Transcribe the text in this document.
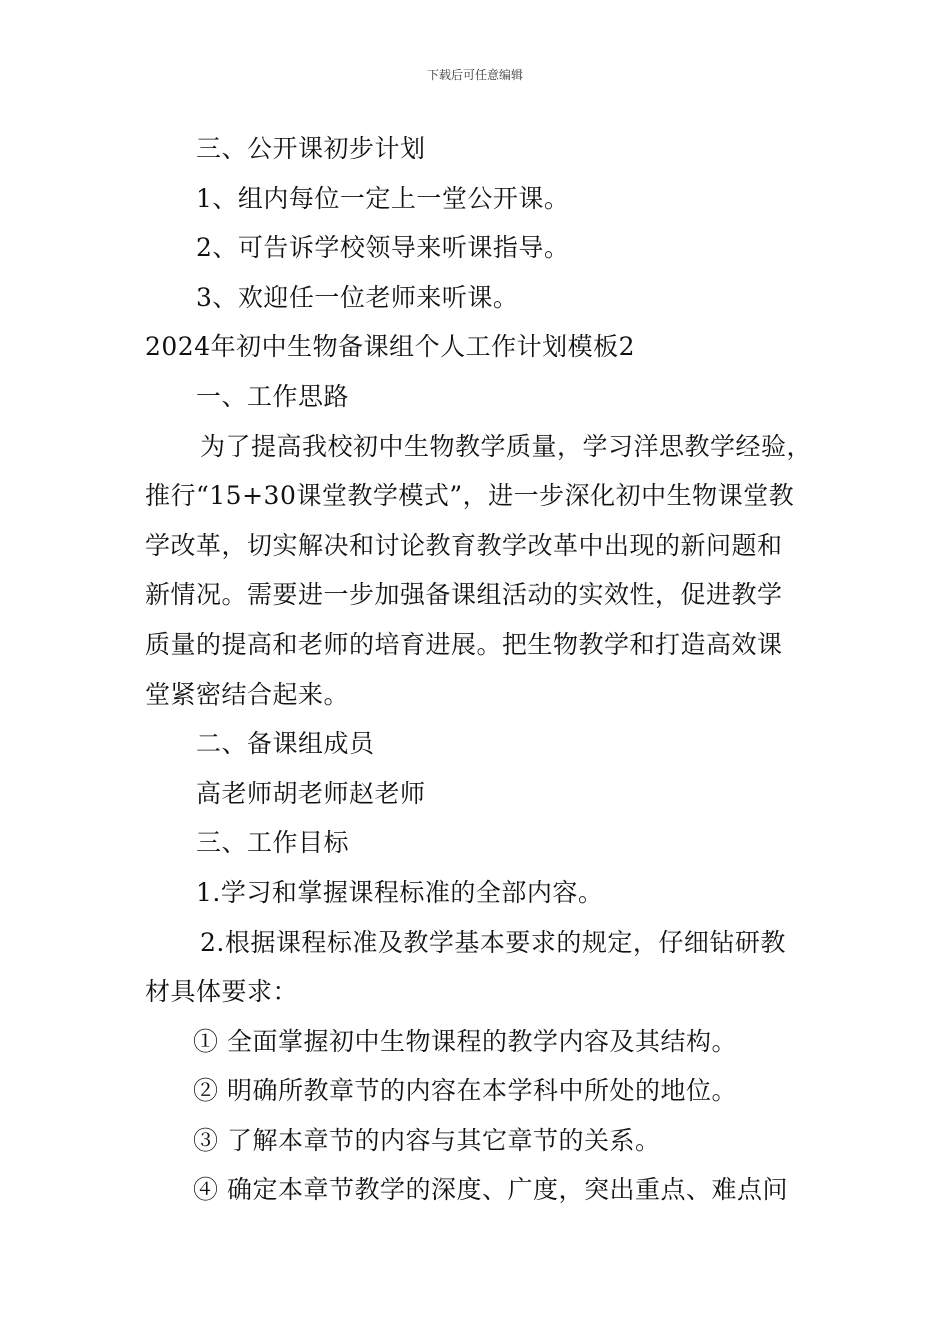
下载后可任意编辑
三、公开课初步计划
1、组内每位一定上一堂公开课。
2、可告诉学校领导来听课指导。
3、欢迎任一位老师来听课。
2024年初中生物备课组个人工作计划模板2
一、工作思路
为了提高我校初中生物教学质量，学习洋思教学经验，
推行“15+30课堂教学模式”，进一步深化初中生物课堂教
学改革，切实解决和讨论教育教学改革中出现的新问题和
新情况。需要进一步加强备课组活动的实效性，促进教学
质量的提高和老师的培育进展。把生物教学和打造高效课
堂紧密结合起来。
二、备课组成员
高老师胡老师赵老师
三、工作目标
1.学习和掌握课程标准的全部内容。
2.根据课程标准及教学基本要求的规定，仔细钻研教
材具体要求：
① 全面掌握初中生物课程的教学内容及其结构。
② 明确所教章节的内容在本学科中所处的地位。
③ 了解本章节的内容与其它章节的关系。
④ 确定本章节教学的深度、广度，突出重点、难点问
